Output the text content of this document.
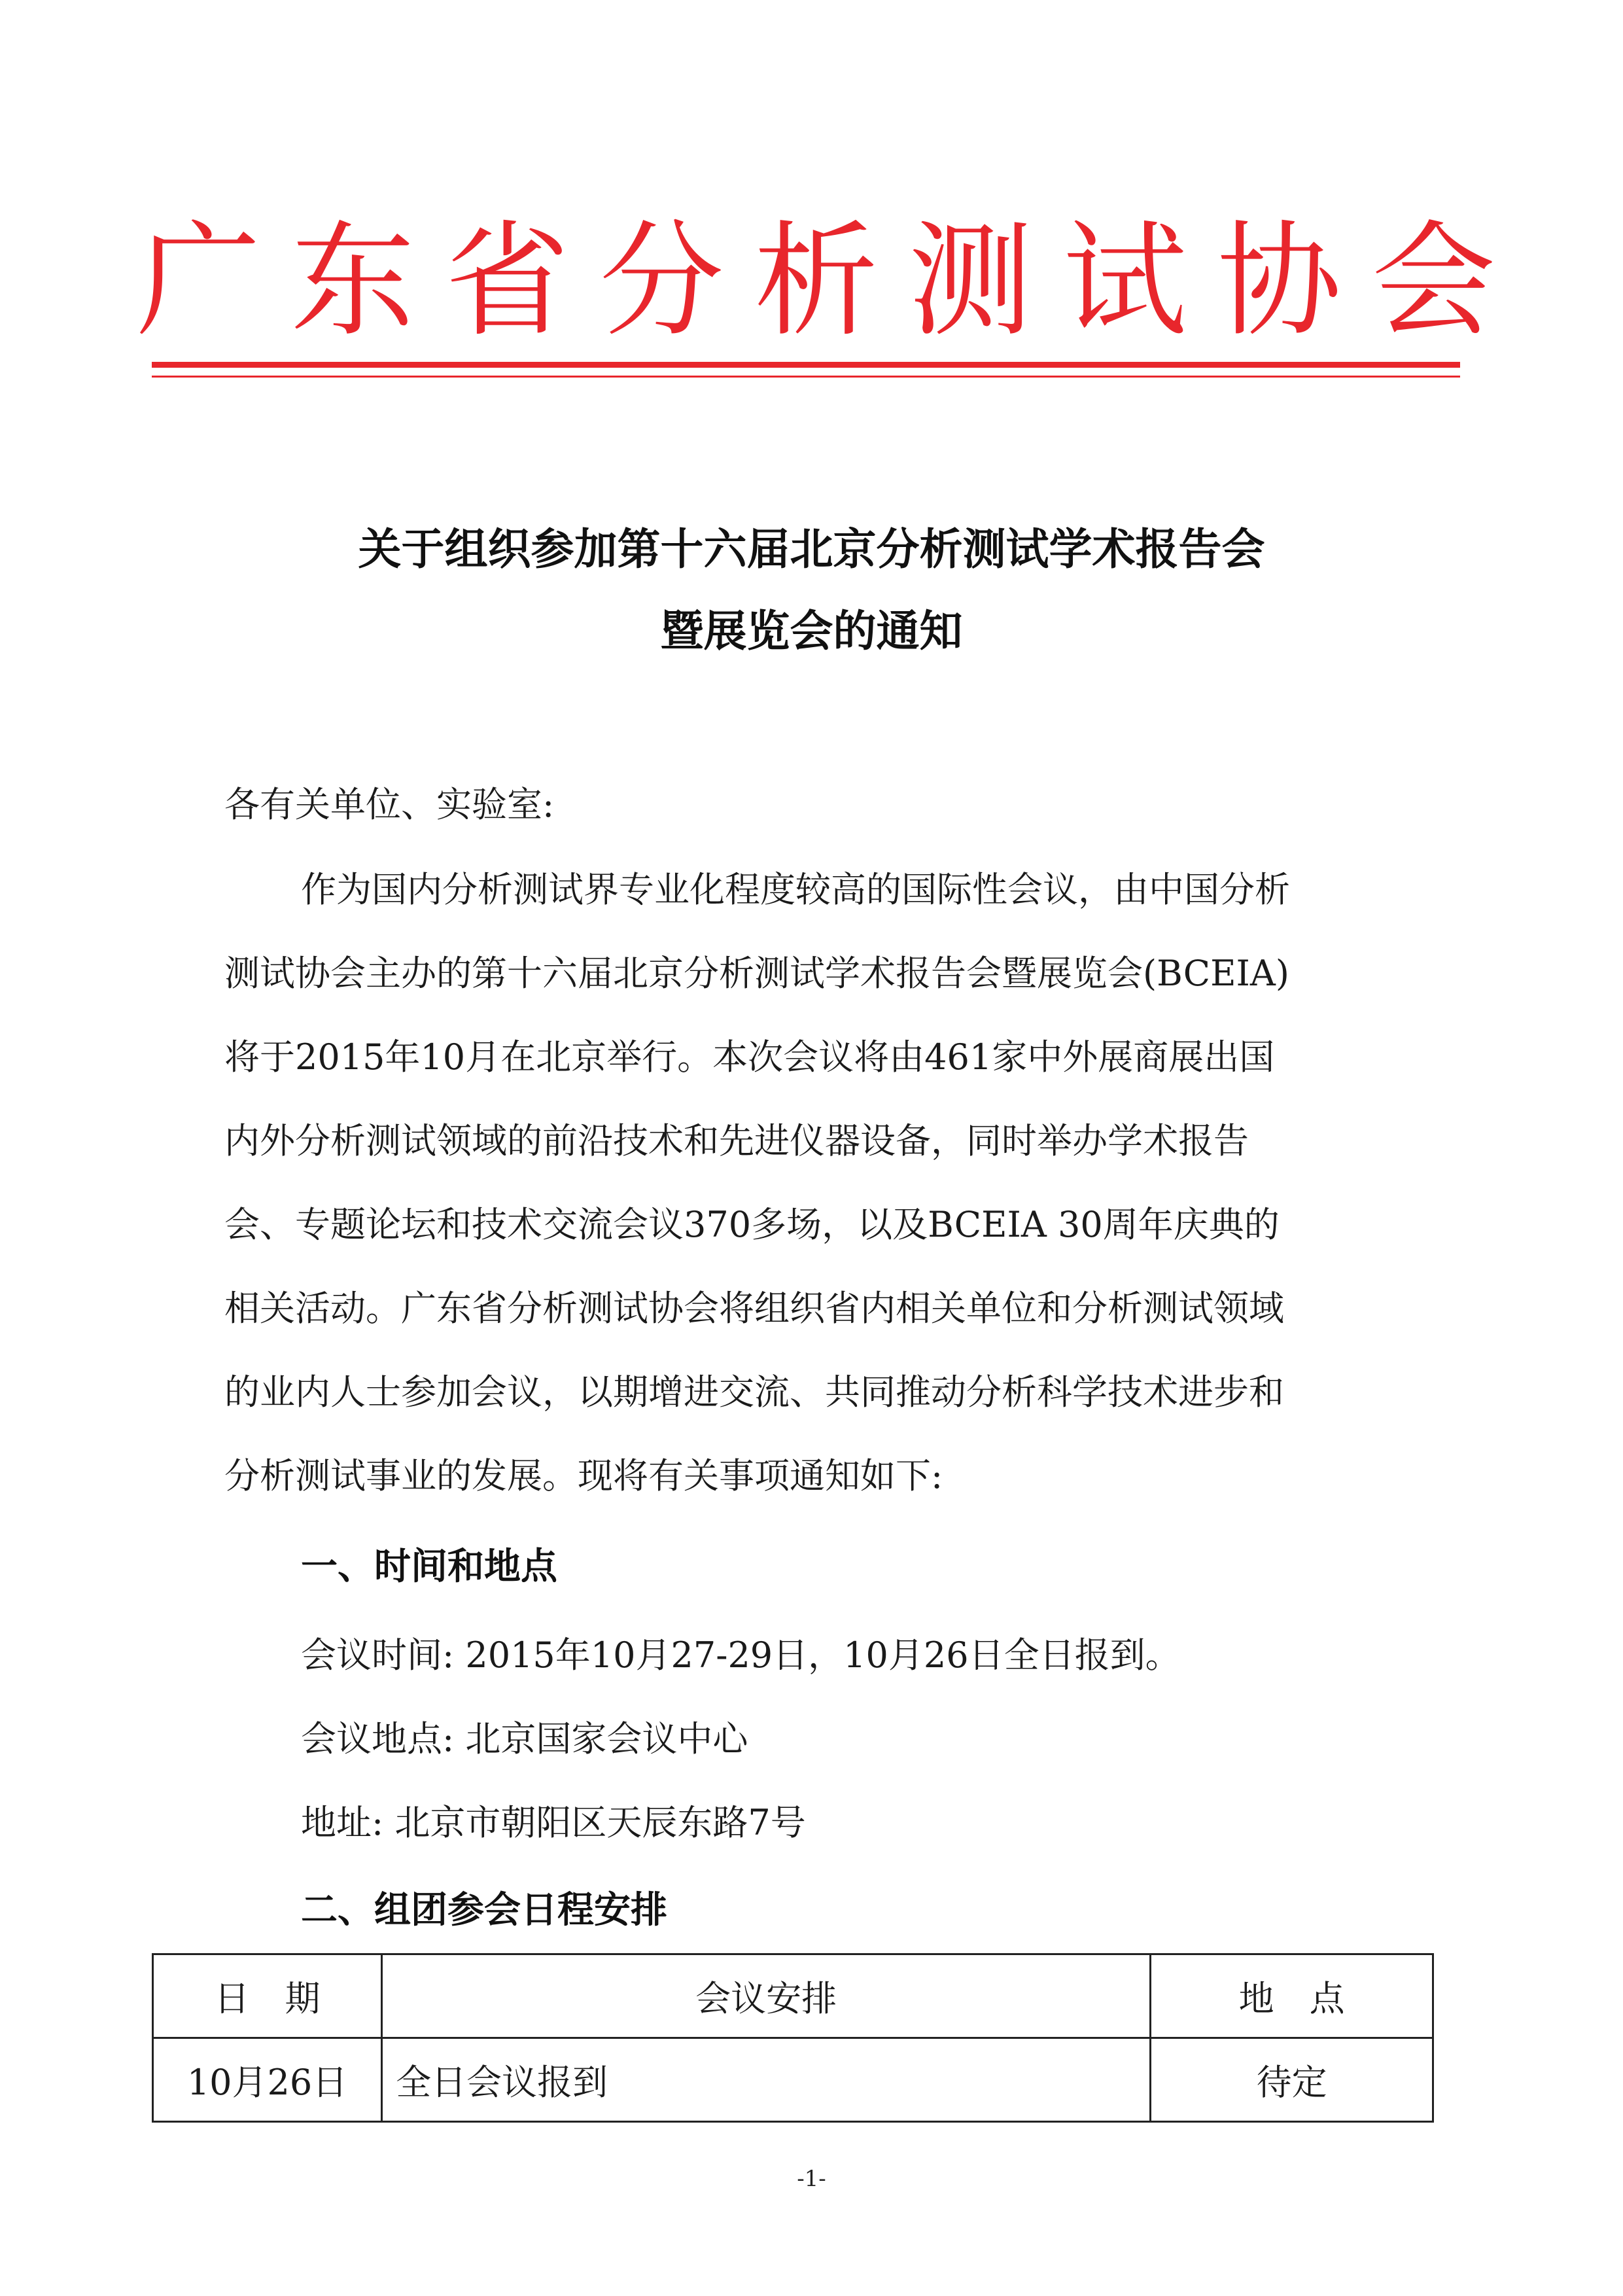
广东省分析测试协会
关于组织参加第十六届北京分析测试学术报告会
暨展览会的通知
各有关单位、实验室:
作为国内分析测试界专业化程度较高的国际性会议，由中国分析
测试协会主办的第十六届北京分析测试学术报告会暨展览会(BCEIA)
将于2015年10月在北京举行。本次会议将由461家中外展商展出国
内外分析测试领域的前沿技术和先进仪器设备，同时举办学术报告
会、专题论坛和技术交流会议370多场，以及BCEIA 30周年庆典的
相关活动。广东省分析测试协会将组织省内相关单位和分析测试领域
的业内人士参加会议，以期增进交流、共同推动分析科学技术进步和
分析测试事业的发展。现将有关事项通知如下:
一、时间和地点
会议时间: 2015年10月27-29日，10月26日全日报到。
会议地点: 北京国家会议中心
地址: 北京市朝阳区天辰东路7号
二、组团参会日程安排
日　期	会议安排	地　点
10月26日	全日会议报到	待定
-1-
